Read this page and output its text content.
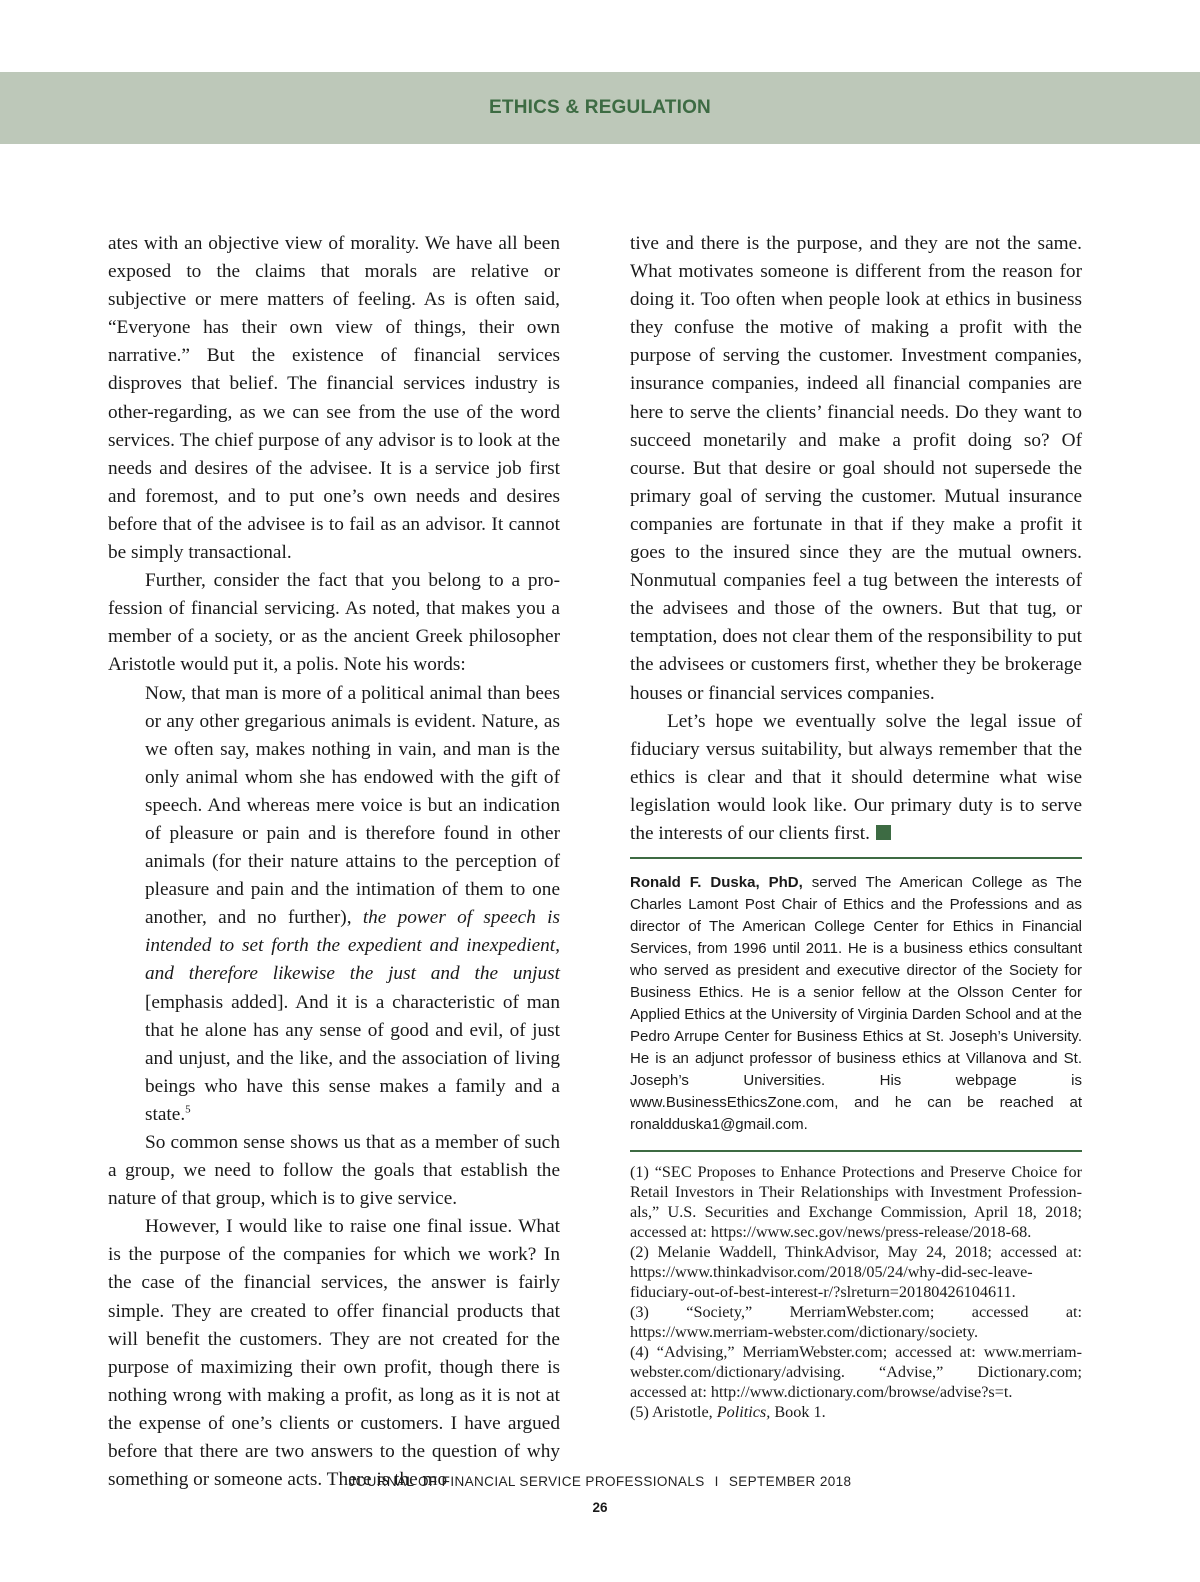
ETHICS & REGULATION

ates with an objective view of morality. We have all been exposed to the claims that morals are relative or subjective or mere matters of feeling. As is often said, “Everyone has their own view of things, their own narrative.” But the existence of financial services disproves that belief. The financial services industry is other-regarding, as we can see from the use of the word services. The chief purpose of any advisor is to look at the needs and desires of the advisee. It is a service job first and foremost, and to put one’s own needs and desires before that of the advisee is to fail as an advisor. It cannot be simply transactional.

Further, consider the fact that you belong to a profession of financial servicing. As noted, that makes you a member of a society, or as the ancient Greek philosopher Aristotle would put it, a polis. Note his words:

Now, that man is more of a political animal than bees or any other gregarious animals is evident. Nature, as we often say, makes nothing in vain, and man is the only animal whom she has endowed with the gift of speech. And whereas mere voice is but an indication of pleasure or pain and is therefore found in other animals (for their nature attains to the perception of pleasure and pain and the intimation of them to one another, and no further), the power of speech is intended to set forth the expedient and inexpedient, and therefore likewise the just and the unjust [emphasis added]. And it is a characteristic of man that he alone has any sense of good and evil, of just and unjust, and the like, and the association of living beings who have this sense makes a family and a state.$^5$

So common sense shows us that as a member of such a group, we need to follow the goals that establish the nature of that group, which is to give service.

However, I would like to raise one final issue. What is the purpose of the companies for which we work? In the case of the financial services, the answer is fairly simple. They are created to offer financial products that will benefit the customers. They are not created for the purpose of maximizing their own profit, though there is nothing wrong with making a profit, as long as it is not at the expense of one’s clients or customers. I have argued before that there are two answers to the question of why something or someone acts. There is the mo

tive and there is the purpose, and they are not the same. What motivates someone is different from the reason for doing it. Too often when people look at ethics in business they confuse the motive of making a profit with the purpose of serving the customer. Investment companies, insurance companies, indeed all financial companies are here to serve the clients’ financial needs. Do they want to succeed monetarily and make a profit doing so? Of course. But that desire or goal should not supersede the primary goal of serving the customer. Mutual insurance companies are fortunate in that if they make a profit it goes to the insured since they are the mutual owners. Nonmutual companies feel a tug between the interests of the advisees and those of the owners. But that tug, or temptation, does not clear them of the responsibility to put the advisees or customers first, whether they be brokerage houses or financial services companies.

Let’s hope we eventually solve the legal issue of fiduciary versus suitability, but always remember that the ethics is clear and that it should determine what wise legislation would look like. Our primary duty is to serve the interests of our clients first.

Ronald F. Duska, PhD, served The American College as The Charles Lamont Post Chair of Ethics and the Professions and as director of The American College Center for Ethics in Financial Services, from 1996 until 2011. He is a business ethics consultant who served as president and executive director of the Society for Business Ethics. He is a senior fellow at the Olsson Center for Applied Ethics at the University of Virginia Darden School and at the Pedro Arrupe Center for Business Ethics at St. Joseph’s University. He is an adjunct professor of business ethics at Villanova and St. Joseph’s Universities. His webpage is www.BusinessEthicsZone.com, and he can be reached at ronaldduska1@gmail.com.

(1) “SEC Proposes to Enhance Protections and Preserve Choice for Retail Investors in Their Relationships with Investment Professionals,” U.S. Securities and Exchange Commission, April 18, 2018; accessed at: https://www.sec.gov/news/press-release/2018-68.

(2) Melanie Waddell, ThinkAdvisor, May 24, 2018; accessed at: https://www.thinkadvisor.com/2018/05/24/why-did-sec-leave-fiduciary-out-of-best-interest-r/?slreturn=20180426104611.

(3) “Society,” MerriamWebster.com; accessed at: https://www.merriam-webster.com/dictionary/society.

(4) “Advising,” MerriamWebster.com; accessed at: www.merriam-webster.com/dictionary/advising. “Advise,” Dictionary.com; accessed at: http://www.dictionary.com/browse/advise?s=t.

(5) Aristotle, Politics, Book 1.

JOURNAL OF FINANCIAL SERVICE PROFESSIONALS I SEPTEMBER 2018
26
